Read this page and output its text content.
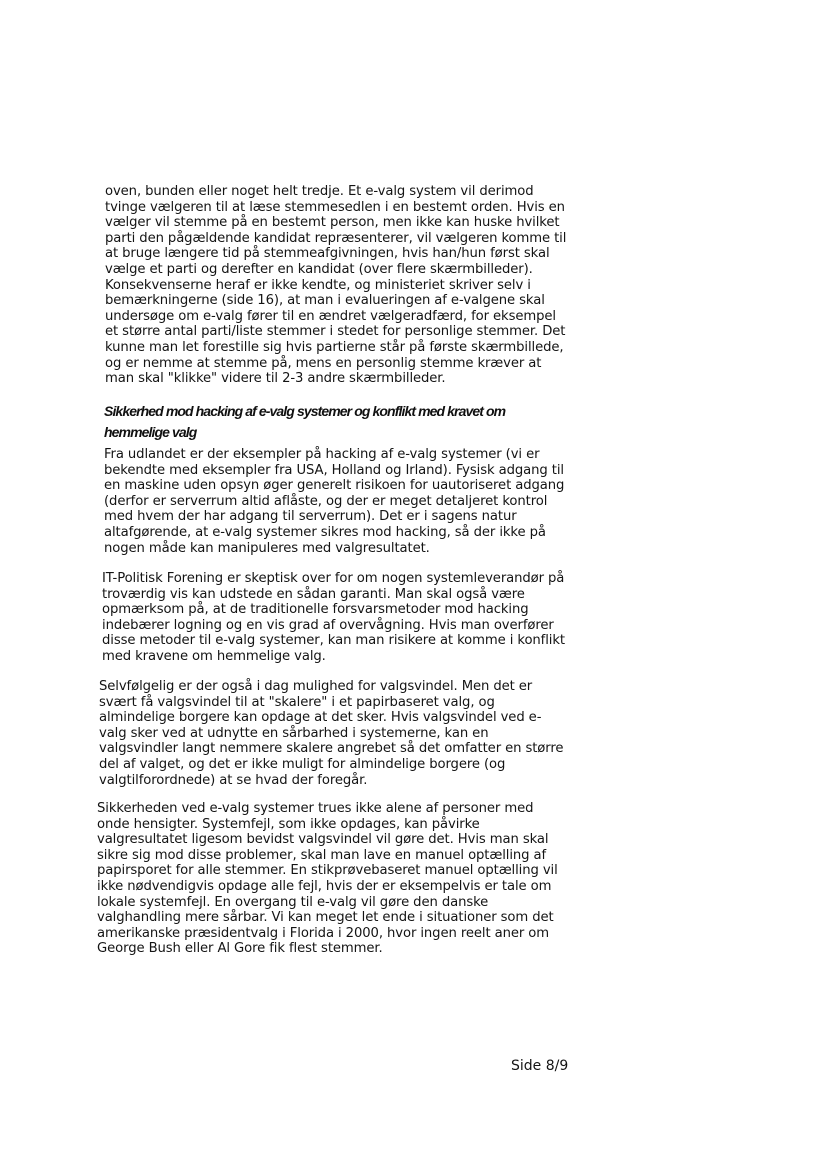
oven, bunden eller noget helt tredje. Et e-valg system vil derimod
tvinge vælgeren til at læse stemmesedlen i en bestemt orden. Hvis en
vælger vil stemme på en bestemt person, men ikke kan huske hvilket
parti den pågældende kandidat repræsenterer, vil vælgeren komme til
at bruge længere tid på stemmeafgivningen, hvis han/hun først skal
vælge et parti og derefter en kandidat (over flere skærmbilleder).
Konsekvenserne heraf er ikke kendte, og ministeriet skriver selv i
bemærkningerne (side 16), at man i evalueringen af e-valgene skal
undersøge om e-valg fører til en ændret vælgeradfærd, for eksempel
et større antal parti/liste stemmer i stedet for personlige stemmer. Det
kunne man let forestille sig hvis partierne står på første skærmbillede,
og er nemme at stemme på, mens en personlig stemme kræver at
man skal "klikke" videre til 2-3 andre skærmbilleder.

Sikkerhed mod hacking af e-valg systemer og konflikt med kravet om
hemmelige valg

Fra udlandet er der eksempler på hacking af e-valg systemer (vi er
bekendte med eksempler fra USA, Holland og Irland). Fysisk adgang til
en maskine uden opsyn øger generelt risikoen for uautoriseret adgang
(derfor er serverrum altid aflåste, og der er meget detaljeret kontrol
med hvem der har adgang til serverrum). Det er i sagens natur
altafgørende, at e-valg systemer sikres mod hacking, så der ikke på
nogen måde kan manipuleres med valgresultatet.

IT-Politisk Forening er skeptisk over for om nogen systemleverandør på
troværdig vis kan udstede en sådan garanti. Man skal også være
opmærksom på, at de traditionelle forsvarsmetoder mod hacking
indebærer logning og en vis grad af overvågning. Hvis man overfører
disse metoder til e-valg systemer, kan man risikere at komme i konflikt
med kravene om hemmelige valg.

Selvfølgelig er der også i dag mulighed for valgsvindel. Men det er
svært få valgsvindel til at "skalere" i et papirbaseret valg, og
almindelige borgere kan opdage at det sker. Hvis valgsvindel ved e-
valg sker ved at udnytte en sårbarhed i systemerne, kan en
valgsvindler langt nemmere skalere angrebet så det omfatter en større
del af valget, og det er ikke muligt for almindelige borgere (og
valgtilforordnede) at se hvad der foregår.

Sikkerheden ved e-valg systemer trues ikke alene af personer med
onde hensigter. Systemfejl, som ikke opdages, kan påvirke
valgresultatet ligesom bevidst valgsvindel vil gøre det. Hvis man skal
sikre sig mod disse problemer, skal man lave en manuel optælling af
papirsporet for alle stemmer. En stikprøvebaseret manuel optælling vil
ikke nødvendigvis opdage alle fejl, hvis der er eksempelvis er tale om
lokale systemfejl. En overgang til e-valg vil gøre den danske
valghandling mere sårbar. Vi kan meget let ende i situationer som det
amerikanske præsidentvalg i Florida i 2000, hvor ingen reelt aner om
George Bush eller Al Gore fik flest stemmer.

Side 8/9
